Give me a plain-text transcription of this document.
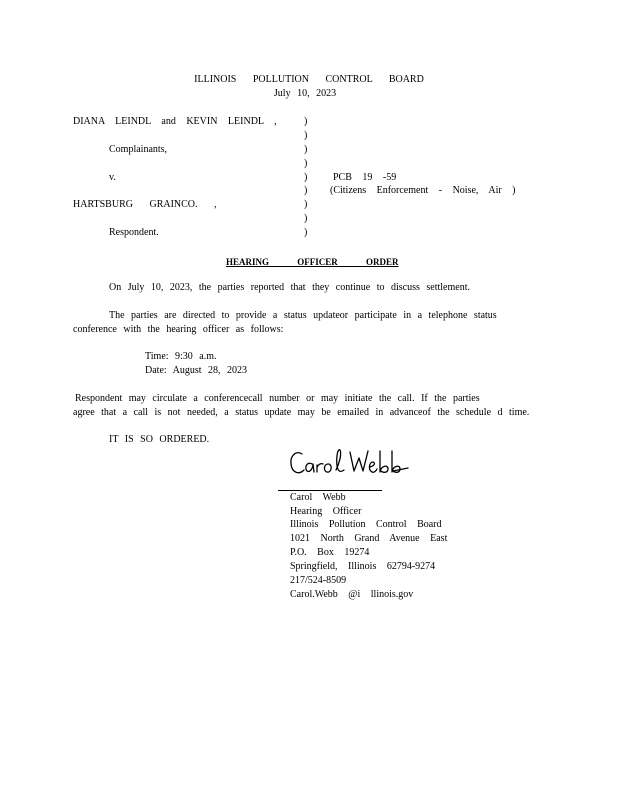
ILLINOIS POLLUTION CONTROL BOARD
July 10, 2023
DIANA LEINDL and KEVIN LEINDL ,
Complainants,
v.
HARTSBURG GRAINCO. ,
Respondent.
)
)
)
)
)
)
)
)
)
PCB 19 -59
(Citizens Enforcement - Noise, Air )
HEARING OFFICER ORDER
On July 10, 2023, the parties reported that they continue to discuss settlement.
The parties are directed to provide a status updateor participate in a telephone status
conference with the hearing officer as follows:
Time: 9:30 a.m.
Date: August 28, 2023
Respondent may circulate a conferencecall number or may initiate the call. If the parties
agree that a call is not needed, a status update may be emailed in advanceof the schedule d time.
IT IS SO ORDERED.
Carol Webb
Hearing Officer
Illinois Pollution Control Board
1021 North Grand Avenue East
P.O. Box 19274
Springfield, Illinois 62794-9274
217/524-8509
Carol.Webb @i llinois.gov
